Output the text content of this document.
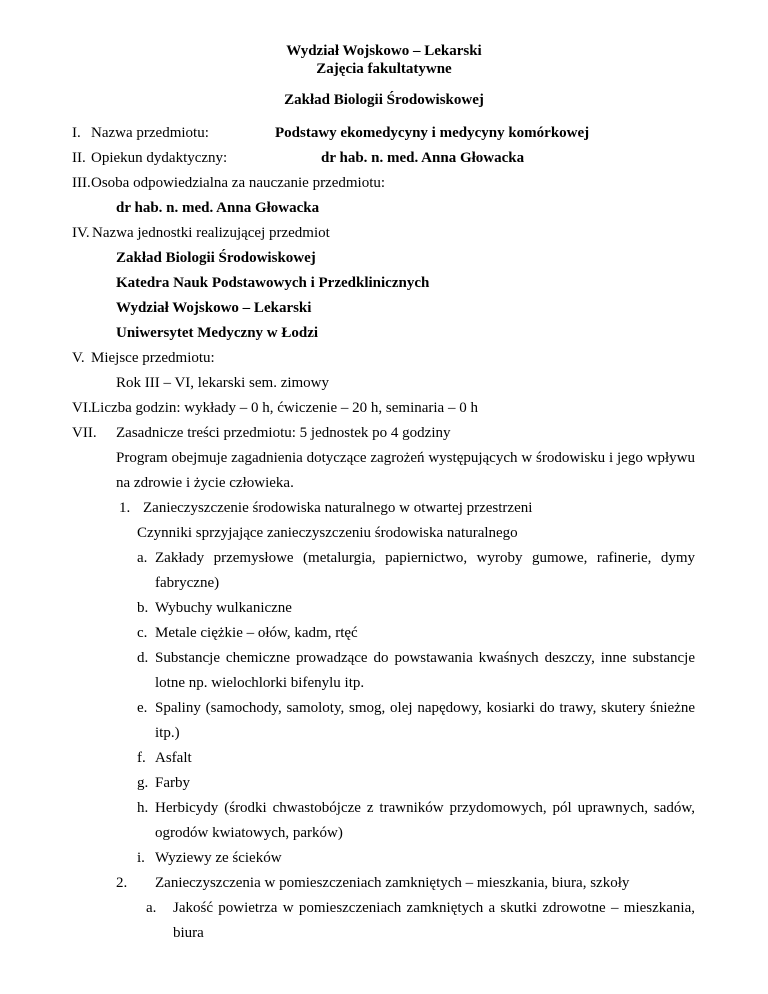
Wydział Wojskowo – Lekarski
Zajęcia fakultatywne
Zakład Biologii Środowiskowej
I. Nazwa przedmiotu:	Podstawy ekomedycyny i medycyny komórkowej
II. Opiekun dydaktyczny:	dr hab. n. med. Anna Głowacka
III. Osoba odpowiedzialna za nauczanie przedmiotu:
dr hab. n. med. Anna Głowacka
IV. Nazwa jednostki realizującej przedmiot
Zakład Biologii Środowiskowej
Katedra Nauk Podstawowych i Przedklinicznych
Wydział Wojskowo – Lekarski
Uniwersytet Medyczny w Łodzi
V. Miejsce przedmiotu:
Rok III – VI, lekarski sem. zimowy
VI. Liczba godzin: wykłady – 0 h, ćwiczenie – 20 h, seminaria – 0 h
VII. Zasadnicze treści przedmiotu: 5 jednostek po 4 godziny
Program obejmuje zagadnienia dotyczące zagrożeń występujących w środowisku i jego wpływu
na zdrowie i życie człowieka.
1. Zanieczyszczenie środowiska naturalnego w otwartej przestrzeni
Czynniki sprzyjające zanieczyszczeniu środowiska naturalnego
a. Zakłady przemysłowe (metalurgia, papiernictwo, wyroby gumowe, rafinerie, dymy
fabryczne)
b. Wybuchy wulkaniczne
c. Metale ciężkie – ołów, kadm, rtęć
d. Substancje chemiczne prowadzące do powstawania kwaśnych deszczy, inne substancje
lotne np. wielochlorki bifenylu itp.
e. Spaliny (samochody, samoloty, smog, olej napędowy, kosiarki do trawy, skutery śnieżne
itp.)
f. Asfalt
g. Farby
h. Herbicydy (środki chwastobójcze z trawników przydomowych, pól uprawnych, sadów,
ogrodów kwiatowych, parków)
i. Wyziewy ze ścieków
2. Zanieczyszczenia w pomieszczeniach zamkniętych – mieszkania, biura, szkoły
a. Jakość powietrza w pomieszczeniach zamkniętych a skutki zdrowotne – mieszkania,
biura
